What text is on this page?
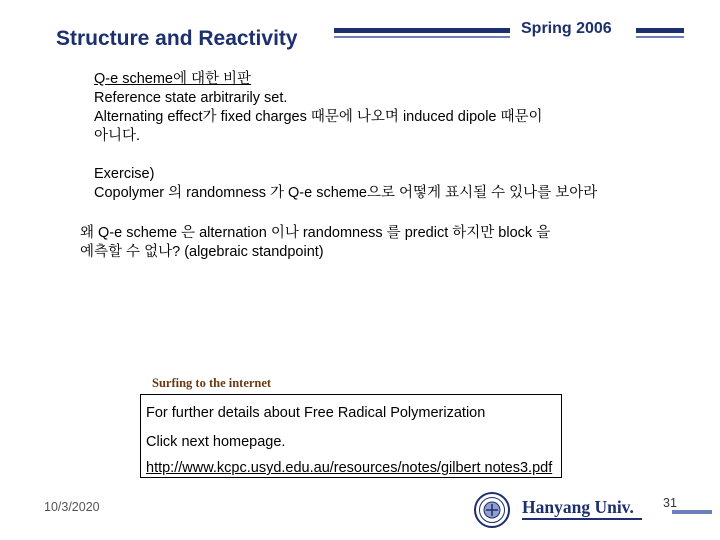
Structure and Reactivity	Spring 2006

Q-e scheme에 대한 비판

Reference state arbitrarily set.

Alternating effect가 fixed charges 때문에 나오며 induced dipole 때문이

아니다.

Exercise)

Copolymer 의 randomness 가 Q-e scheme으로 어떻게 표시될 수 있나를 보아라

왜 Q-e scheme 은 alternation 이나 randomness 를 predict 하지만 block 을

예측할 수 없나? (algebraic standpoint)

Surfing to the internet

For further details about Free Radical Polymerization

Click next homepage.

http://www.kcpc.usyd.edu.au/resources/notes/gilbert notes3.pdf
10/3/2020	Hanyang Univ. 31
